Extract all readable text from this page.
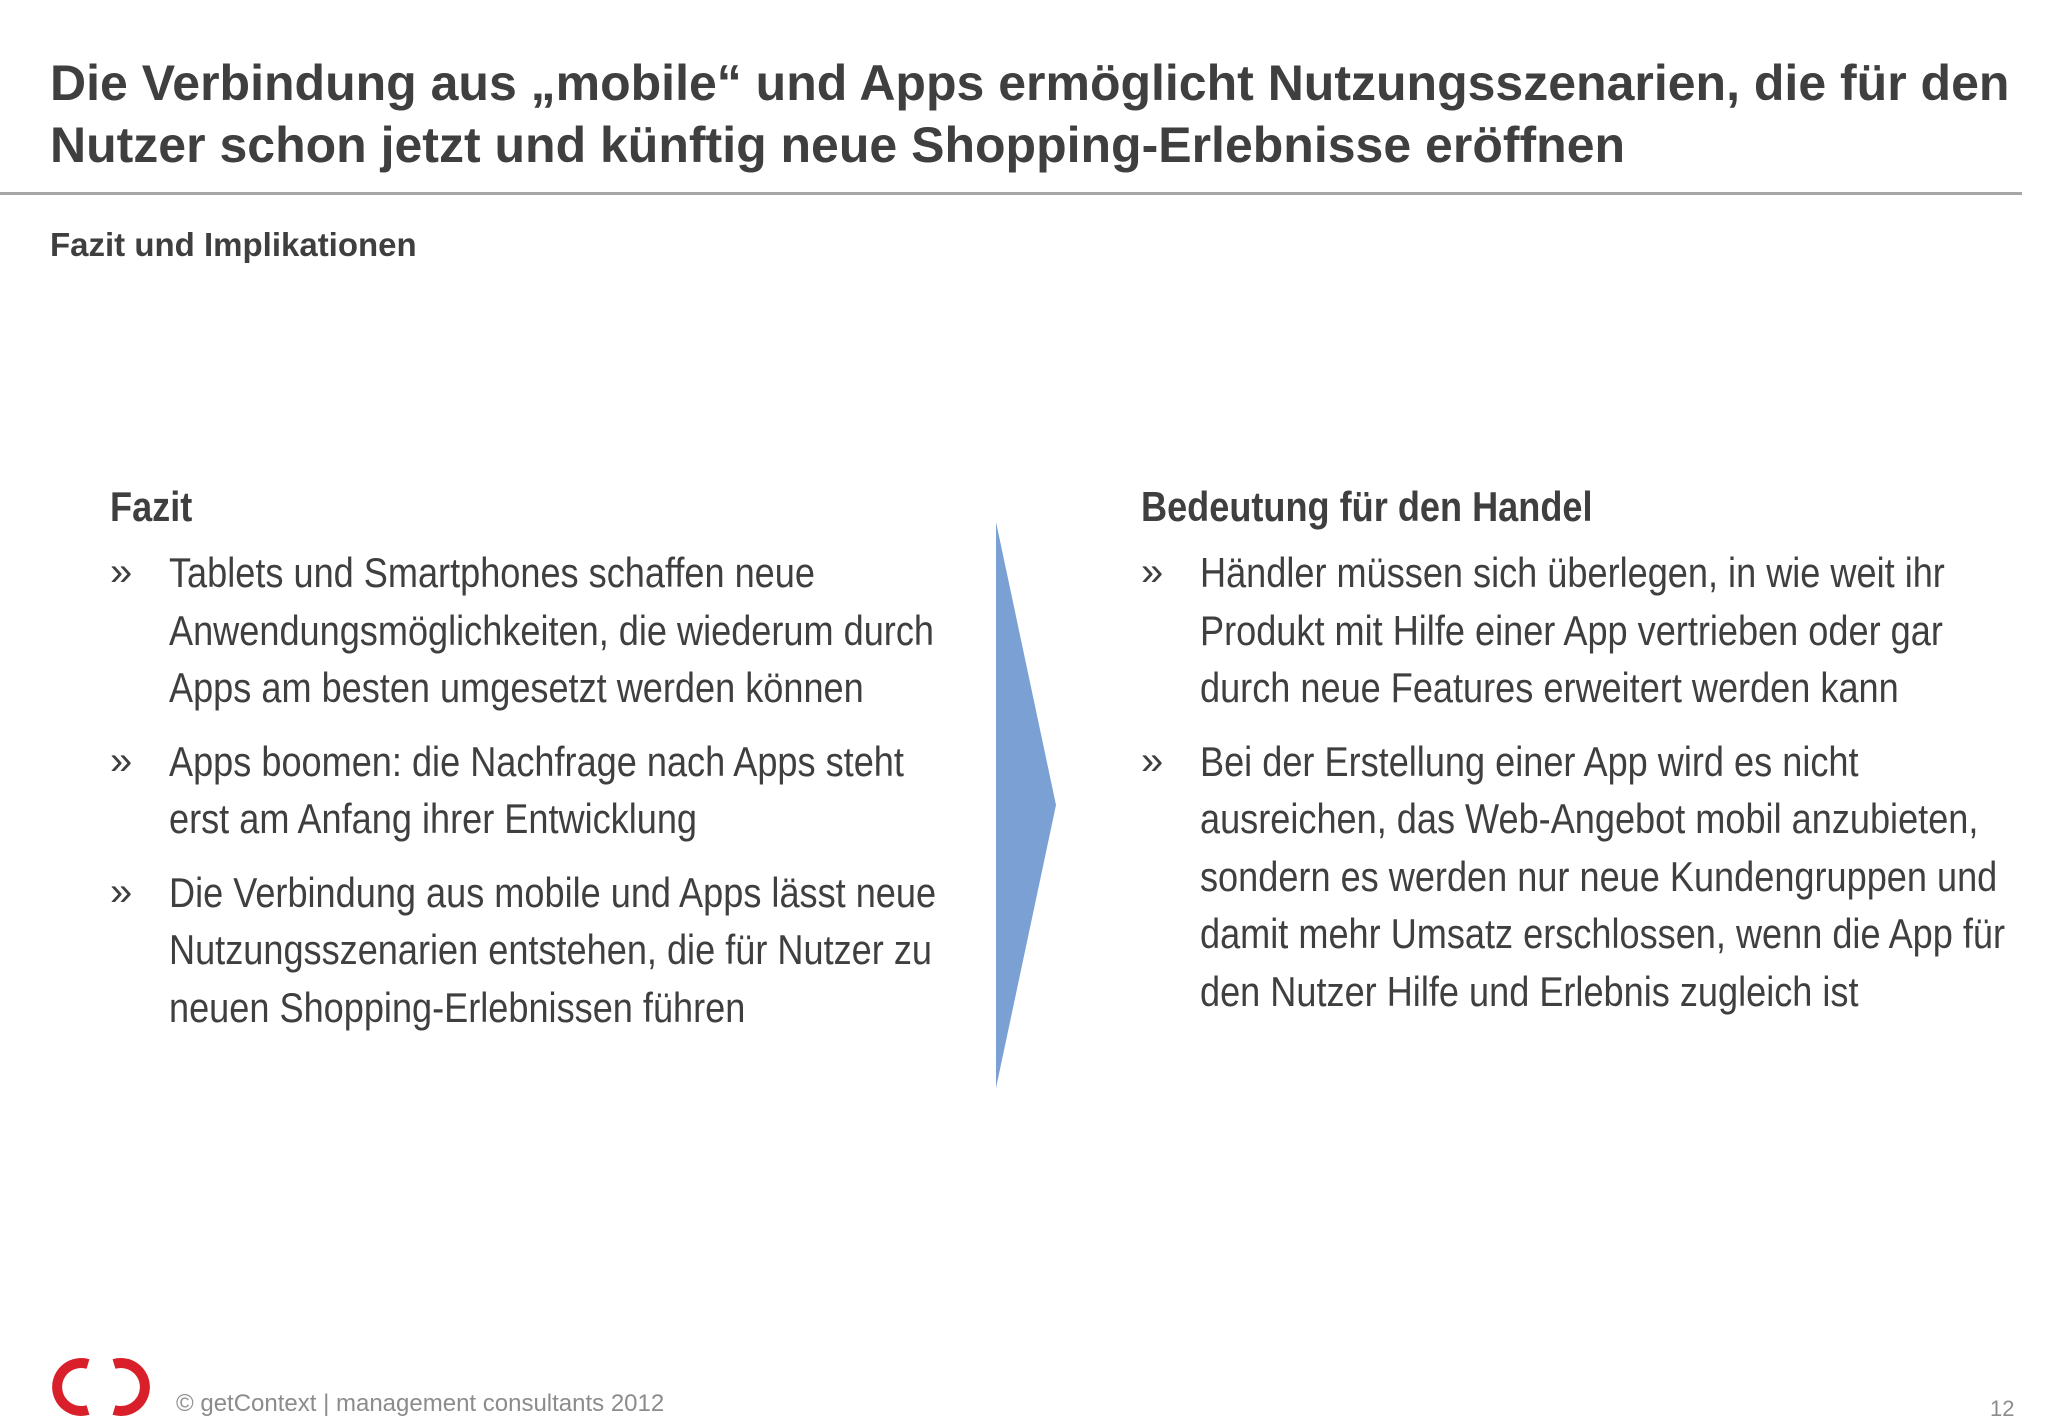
Die Verbindung aus „mobile“ und Apps ermöglicht Nutzungsszenarien, die für den Nutzer schon jetzt und künftig neue Shopping-Erlebnisse eröffnen

Fazit und Implikationen

Fazit
» Tablets und Smartphones schaffen neue Anwendungsmöglichkeiten, die wiederum durch Apps am besten umgesetzt werden können
» Apps boomen: die Nachfrage nach Apps steht erst am Anfang ihrer Entwicklung
» Die Verbindung aus mobile und Apps lässt neue Nutzungsszenarien entstehen, die für Nutzer zu neuen Shopping-Erlebnissen führen
Bedeutung für den Handel
» Händler müssen sich überlegen, in wie weit ihr Produkt mit Hilfe einer App vertrieben oder gar durch neue Features erweitert werden kann
» Bei der Erstellung einer App wird es nicht ausreichen, das Web-Angebot mobil anzubieten, sondern es werden nur neue Kundengruppen und damit mehr Umsatz erschlossen, wenn die App für den Nutzer Hilfe und Erlebnis zugleich ist

© getContext | management consultants 2012	12
